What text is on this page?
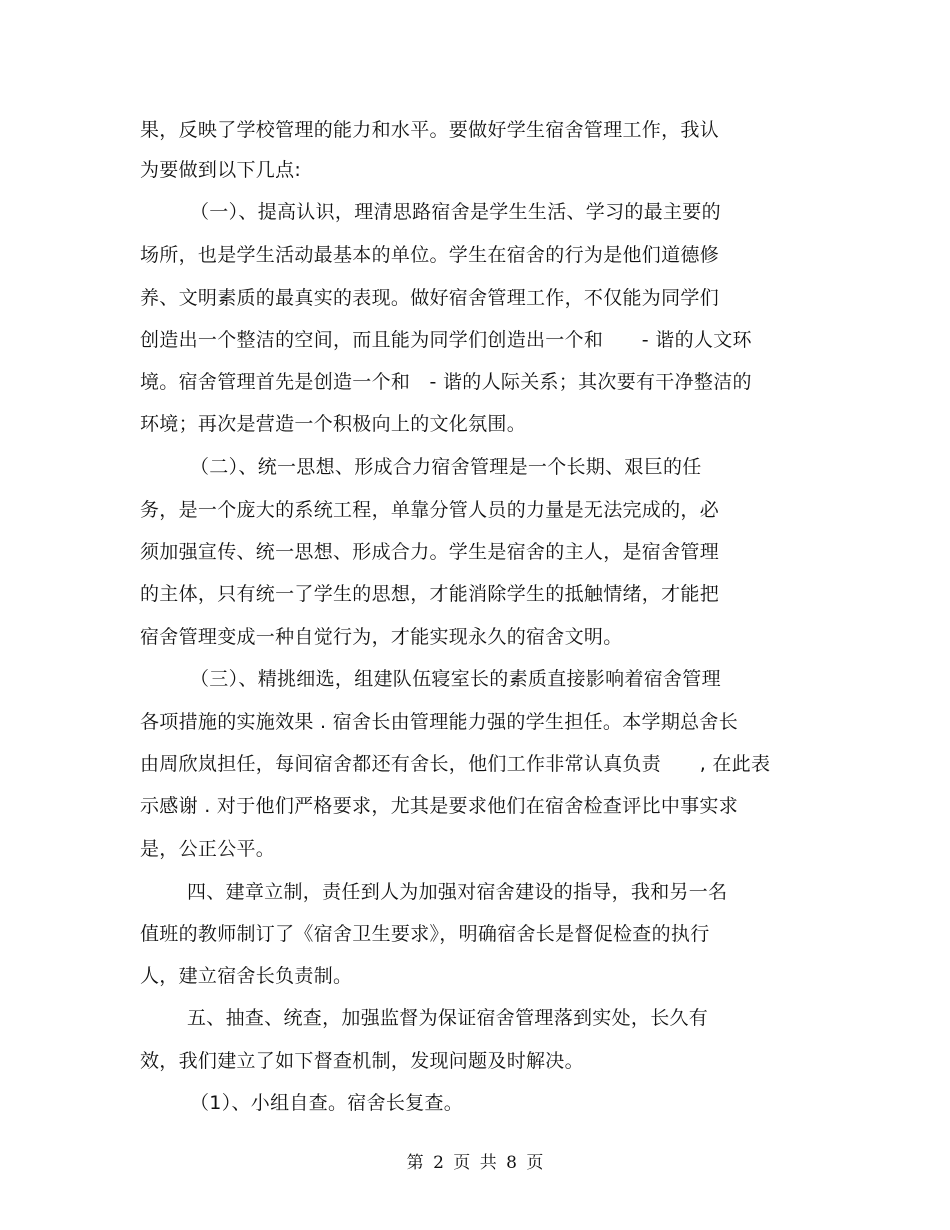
果，反映了学校管理的能力和水平。要做好学生宿舍管理工作，我认
为要做到以下几点:
（一）、提高认识，理清思路宿舍是学生生活、学习的最主要的
场所，也是学生活动最基本的单位。学生在宿舍的行为是他们道德修
养、文明素质的最真实的表现。做好宿舍管理工作，不仅能为同学们
创造出一个整洁的空间，而且能为同学们创造出一个和　　- 谐的人文环
境。宿舍管理首先是创造一个和　- 谐的人际关系；其次要有干净整洁的
环境；再次是营造一个积极向上的文化氛围。
（二）、统一思想、形成合力宿舍管理是一个长期、艰巨的任
务，是一个庞大的系统工程，单靠分管人员的力量是无法完成的，必
须加强宣传、统一思想、形成合力。学生是宿舍的主人，是宿舍管理
的主体，只有统一了学生的思想，才能消除学生的抵触情绪，才能把
宿舍管理变成一种自觉行为，才能实现永久的宿舍文明。
（三）、精挑细选，组建队伍寝室长的素质直接影响着宿舍管理
各项措施的实施效果 . 宿舍长由管理能力强的学生担任。本学期总舍长
由周欣岚担任，每间宿舍都还有舍长，他们工作非常认真负责　　, 在此表
示感谢 . 对于他们严格要求，尤其是要求他们在宿舍检查评比中事实求
是，公正公平。
四、建章立制，责任到人为加强对宿舍建设的指导，我和另一名
值班的教师制订了《宿舍卫生要求》，明确宿舍长是督促检查的执行
人，建立宿舍长负责制。
五、抽查、统查，加强监督为保证宿舍管理落到实处，长久有
效，我们建立了如下督查机制，发现问题及时解决。
（1）、小组自查。宿舍长复查。
第 2 页 共 8 页
